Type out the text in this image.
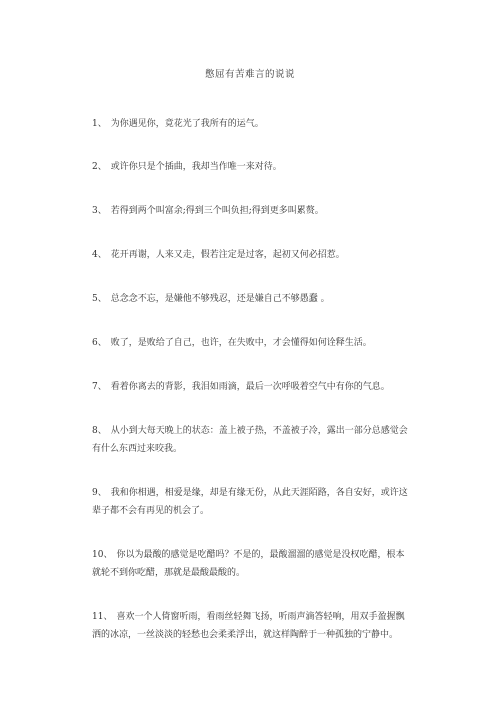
憋屈有苦难言的说说
1、 为你遇见你，竟花光了我所有的运气。
2、 或许你只是个插曲，我却当作唯一来对待。
3、 若得到两个叫富余;得到三个叫负担;得到更多叫累赘。
4、 花开再谢，人来又走，假若注定是过客，起初又何必招惹。
5、 总念念不忘，是嫌他不够残忍，还是嫌自己不够愚蠢 。
6、 败了，是败给了自己，也许，在失败中，才会懂得如何诠释生活。
7、 看着你离去的背影，我泪如雨滴，最后一次呼吸着空气中有你的气息。
8、 从小到大每天晚上的状态：盖上被子热，不盖被子冷，露出一部分总感觉会有什么东西过来咬我。
9、 我和你相遇，相爱是缘，却是有缘无份，从此天涯陌路，各自安好，或许这辈子都不会有再见的机会了。
10、 你以为最酸的感觉是吃醋吗？不是的，最酸溜溜的感觉是没权吃醋，根本就轮不到你吃醋，那就是最酸最酸的。
11、 喜欢一个人倚窗听雨，看雨丝轻舞飞扬，听雨声滴答轻响，用双手盈握飘洒的冰凉，一丝淡淡的轻愁也会柔柔浮出，就这样陶醉于一种孤独的宁静中。
